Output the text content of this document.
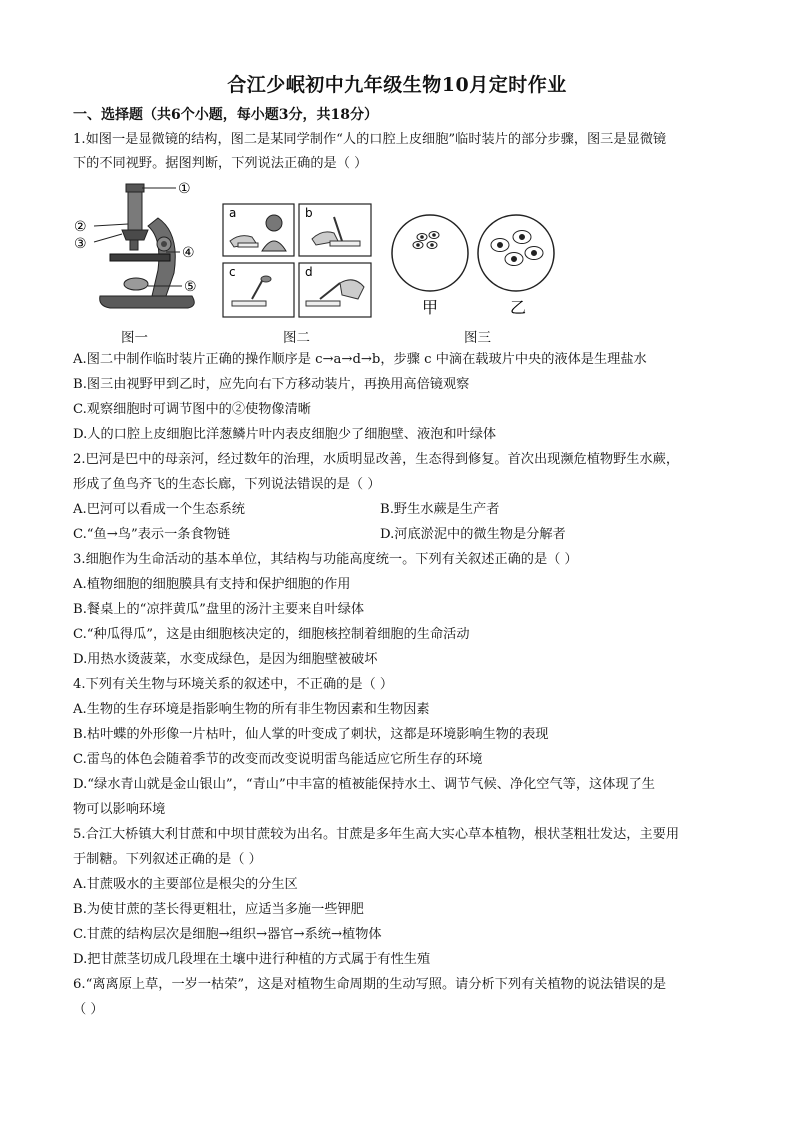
合江少岷初中九年级生物10月定时作业
一、选择题（共6个小题，每小题3分，共18分）
1.如图一是显微镜的结构，图二是某同学制作“人的口腔上皮细胞”临时装片的部分步骤，图三是显微镜
下的不同视野。据图判断，下列说法正确的是（ ）
①
②
③
④
⑤
a	b
c	d
甲	乙
图一	图二	图三
A.图二中制作临时装片正确的操作顺序是 c→a→d→b，步骤 c 中滴在载玻片中央的液体是生理盐水
B.图三由视野甲到乙时，应先向右下方移动装片，再换用高倍镜观察
C.观察细胞时可调节图中的②使物像清晰
D.人的口腔上皮细胞比洋葱鳞片叶内表皮细胞少了细胞壁、液泡和叶绿体
2.巴河是巴中的母亲河，经过数年的治理，水质明显改善，生态得到修复。首次出现濒危植物野生水蕨，
形成了鱼鸟齐飞的生态长廊，下列说法错误的是（ ）
A.巴河可以看成一个生态系统	B.野生水蕨是生产者
C.“鱼→鸟”表示一条食物链	D.河底淤泥中的微生物是分解者
3.细胞作为生命活动的基本单位，其结构与功能高度统一。下列有关叙述正确的是（ ）
A.植物细胞的细胞膜具有支持和保护细胞的作用
B.餐桌上的“凉拌黄瓜”盘里的汤汁主要来自叶绿体
C.“种瓜得瓜”，这是由细胞核决定的，细胞核控制着细胞的生命活动
D.用热水烫菠菜，水变成绿色，是因为细胞壁被破坏
4.下列有关生物与环境关系的叙述中，不正确的是（ ）
A.生物的生存环境是指影响生物的所有非生物因素和生物因素
B.枯叶蝶的外形像一片枯叶，仙人掌的叶变成了刺状，这都是环境影响生物的表现
C.雷鸟的体色会随着季节的改变而改变说明雷鸟能适应它所生存的环境
D.“绿水青山就是金山银山”，“青山”中丰富的植被能保持水土、调节气候、净化空气等，这体现了生
物可以影响环境
5.合江大桥镇大利甘蔗和中坝甘蔗较为出名。甘蔗是多年生高大实心草本植物，根状茎粗壮发达，主要用
于制糖。下列叙述正确的是（ ）
A.甘蔗吸水的主要部位是根尖的分生区
B.为使甘蔗的茎长得更粗壮，应适当多施一些钾肥
C.甘蔗的结构层次是细胞→组织→器官→系统→植物体
D.把甘蔗茎切成几段埋在土壤中进行种植的方式属于有性生殖
6.“离离原上草，一岁一枯荣”，这是对植物生命周期的生动写照。请分析下列有关植物的说法错误的是
（ ）
